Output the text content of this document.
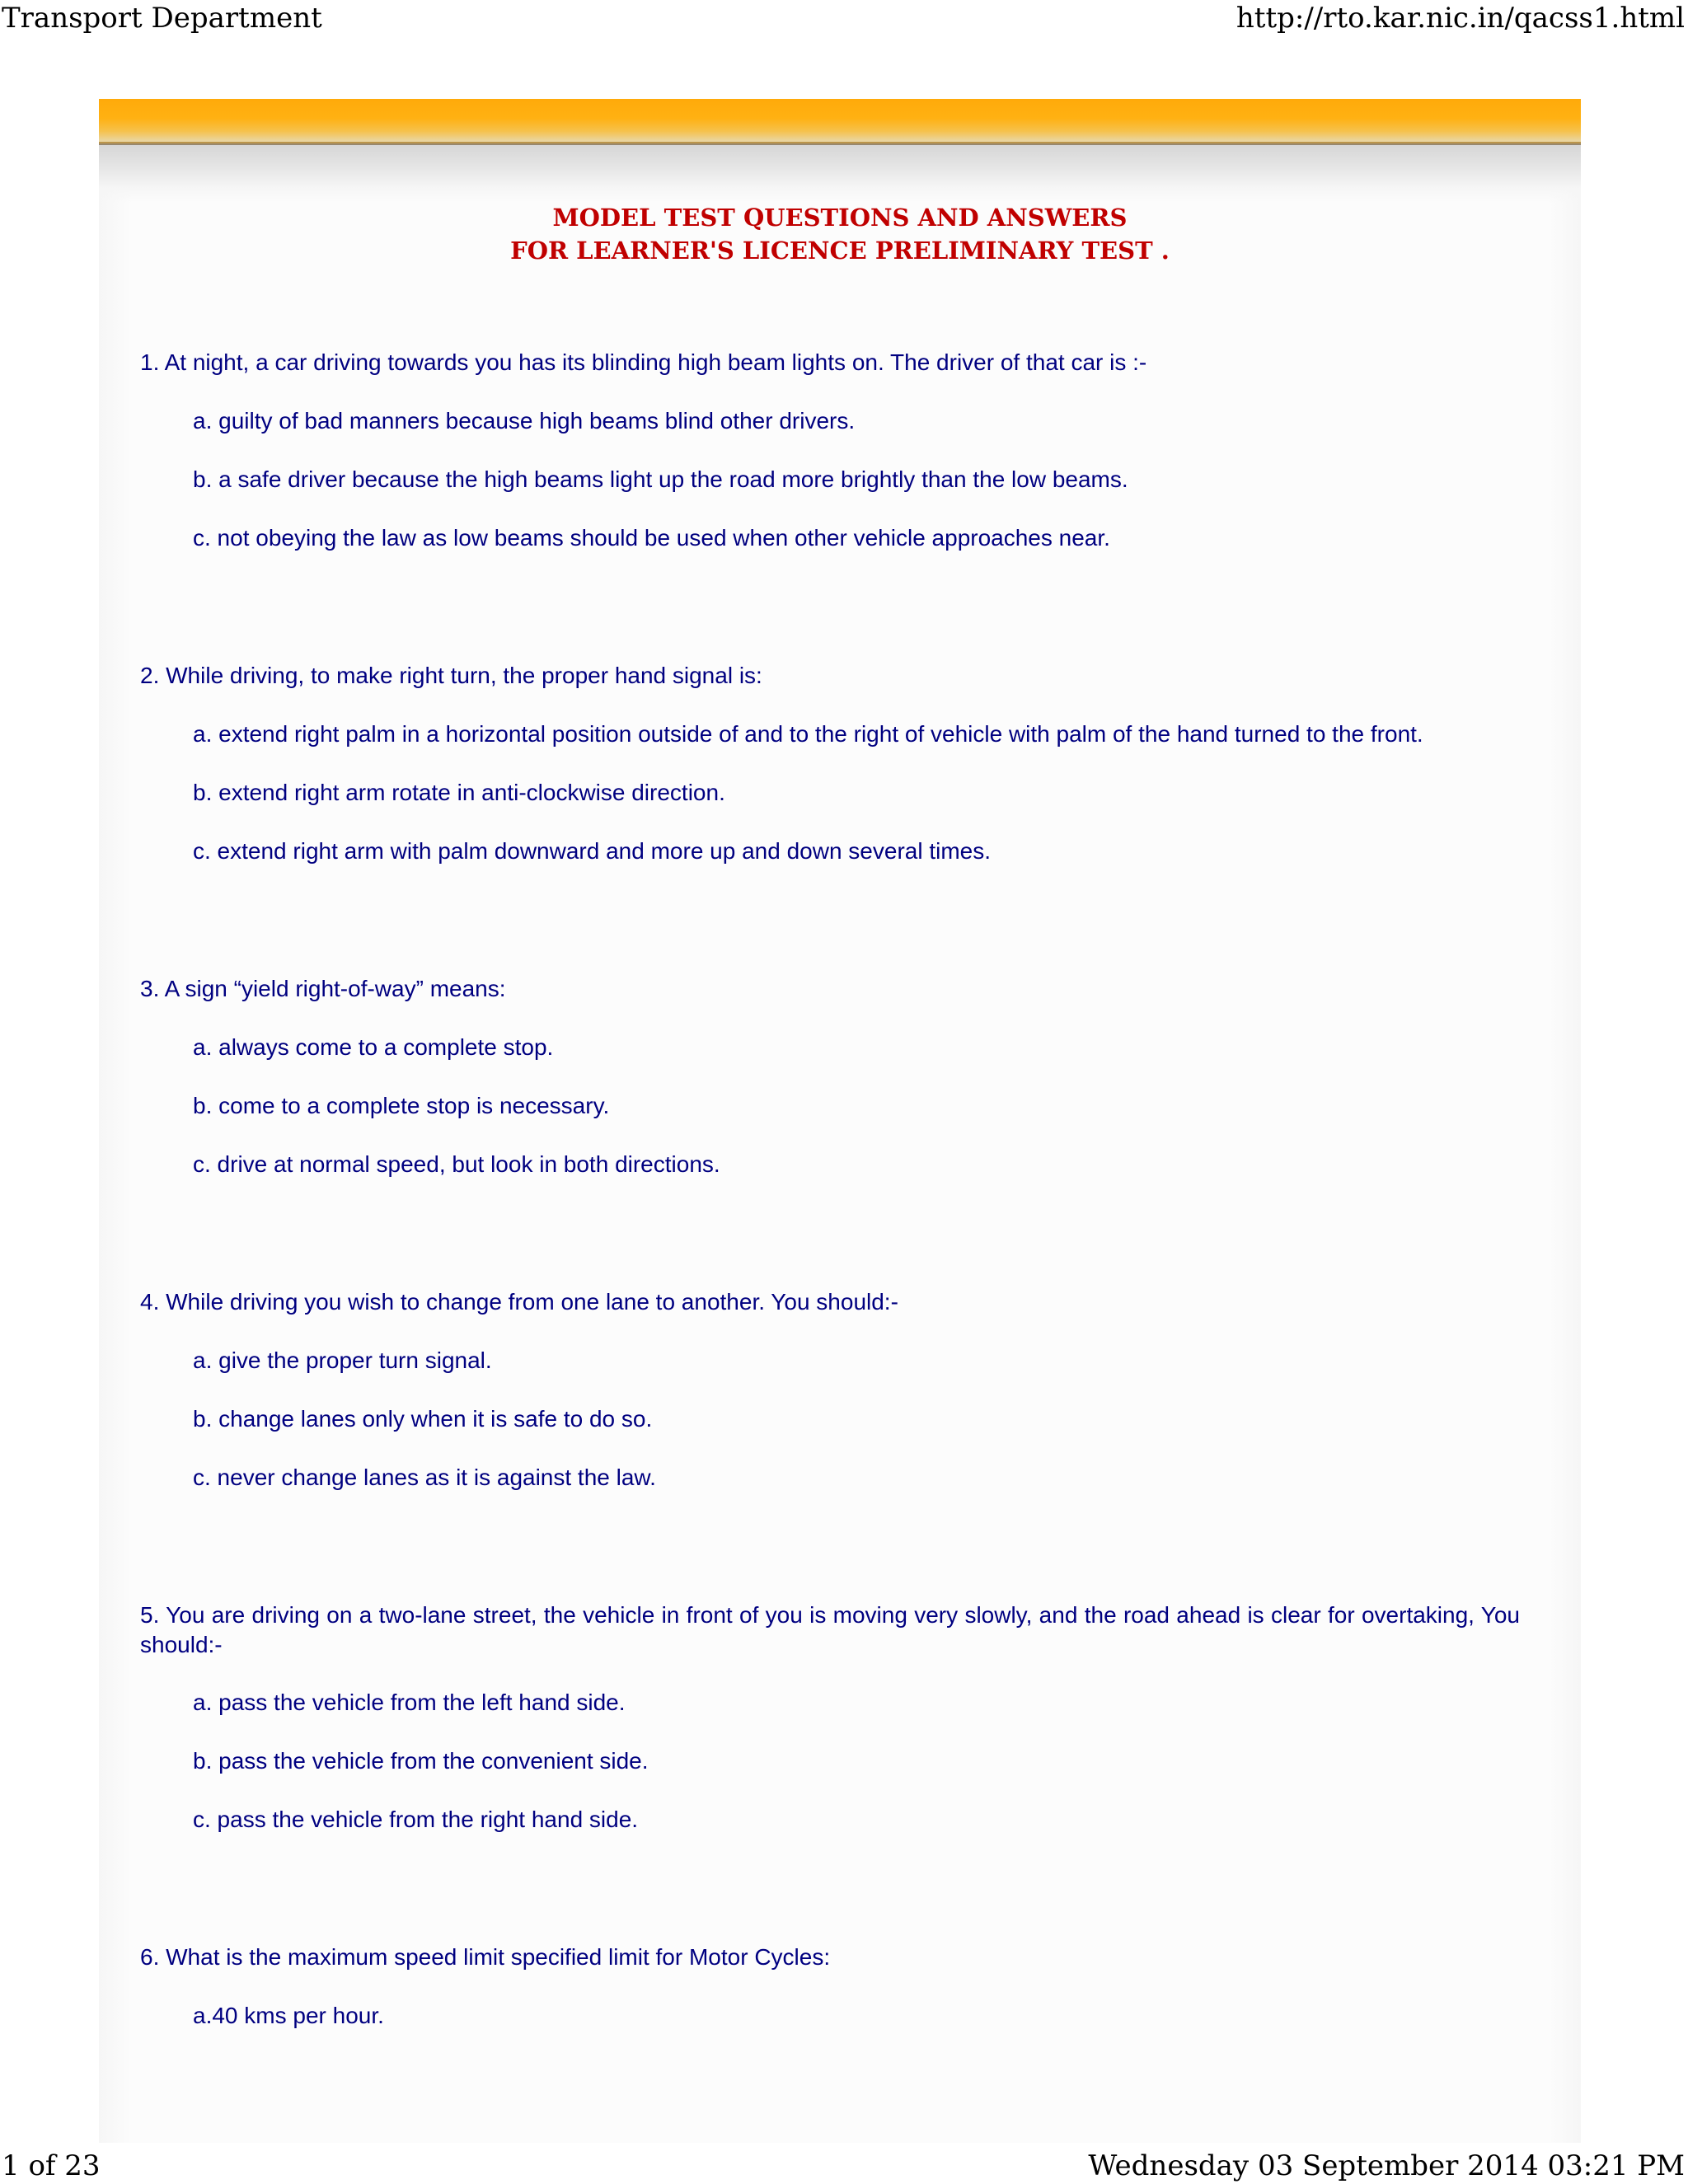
Transport Department	http://rto.kar.nic.in/qacss1.html
MODEL TEST QUESTIONS AND ANSWERS
FOR LEARNER'S LICENCE PRELIMINARY TEST .

1. At night, a car driving towards you has its blinding high beam lights on. The driver of that car is :-

a. guilty of bad manners because high beams blind other drivers.
b. a safe driver because the high beams light up the road more brightly than the low beams.
c. not obeying the law as low beams should be used when other vehicle approaches near.

2. While driving, to make right turn, the proper hand signal is:

a. extend right palm in a horizontal position outside of and to the right of vehicle with palm of the hand turned to the front.
b. extend right arm rotate in anti-clockwise direction.
c. extend right arm with palm downward and more up and down several times.

3. A sign “yield right-of-way” means:

a. always come to a complete stop.
b. come to a complete stop is necessary.
c. drive at normal speed, but look in both directions.

4. While driving you wish to change from one lane to another. You should:-

a. give the proper turn signal.
b. change lanes only when it is safe to do so.
c. never change lanes as it is against the law.

5. You are driving on a two-lane street, the vehicle in front of you is moving very slowly, and the road ahead is clear for overtaking, You should:-

a. pass the vehicle from the left hand side.
b. pass the vehicle from the convenient side.
c. pass the vehicle from the right hand side.

6. What is the maximum speed limit specified limit for Motor Cycles:

a.40 kms per hour.
1 of 23	Wednesday 03 September 2014 03:21 PM
